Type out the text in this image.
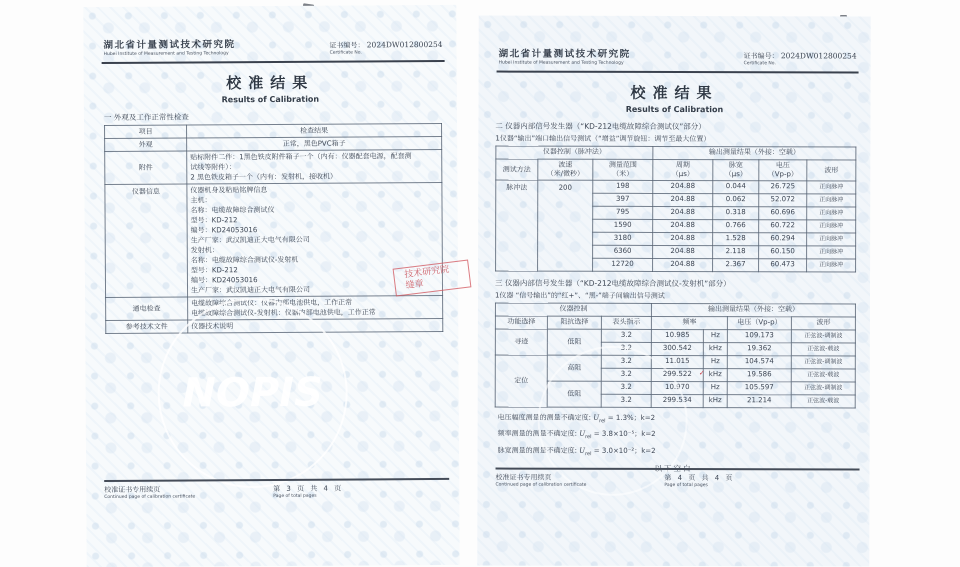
NOPIS
湖北省计量测试技术研究院
Hubei Institute of Measurement and Testing Technology
证书编号： 2024DW012800254
Certificate No.
校准结果
Results of Calibration
一 外观及工作正常性检查
项目	检查结果
外观	正常，黑色PVC箱子
附件	贴标附件二件：1黑色铁皮附件箱子一个（内有：仪器配套电源，配套测
试线等附件）：
2 黑色铁皮箱子一个（内有：发射机，接收机）

仪器信息	仪器机身及粘贴铭牌信息
主机：
名称：电缆故障综合测试仪
型号：KD-212
编号：KD24053016
生产厂家：武汉凯迪正大电气有限公司
发射机：
名称：电缆故障综合测试仪-发射机
型号：KD-212
编号：KD24053016
生产厂家：武汉凯迪正大电气有限公司

通电检查	电缆故障综合测试仪：仪器内部电池供电，工作正常
电缆故障综合测试仪-发射机：仪器内部电池供电，工作正常

参考技术文件	仪器技术说明
校准证书专用续页
Continued page of calibration certificate
第 3 页 共 4 页
Page of total pages
技术研究院
缝章
湖北省计量测试技术研究院
Hubei Institute of Measurement and Testing Technology
证书编号： 2024DW012800254
Certificate No.
校准结果
Results of Calibration
二 仪器内部信号发生器（“KD-212电缆故障综合测试仪”部分）
1仪器“输出”端口输出信号测试（“增益”调节旋钮：调节至最大位置）
仪器控制（脉冲法）			输出测量结果（外接：空载）			

测试方法

波速
（米/微秒）

测量范围
（米）

周期
（μs）

脉宽
（μs）

电压
（Vp-p）

波形

脉冲法	200	198	204.88	0.044	26.725	正向脉冲
		397	204.88	0.062	52.072	正向脉冲
		795	204.88	0.318	60.696	正向脉冲
		1590	204.88	0.766	60.722	正向脉冲
		3180	204.88	1.528	60.294	正向脉冲
		6360	204.88	2.118	60.150	正向脉冲
		12720	204.88	2.367	60.473	正向脉冲
三 仪器内部信号发生器（“KD-212电缆故障综合测试仪-发射机”部分）
1仪器 “信号输出”的“红+”、“黑-”端子间输出信号测试
仪器控制			输出测量结果（外接：空载）			
功能选择	阻抗选择	表头指示	频率		电压（Vp-p）	波形
寻迹	低阻	3.2	10.985	Hz	109.173	正弦波-调制波
		3.2	300.542	kHz	19.362	正弦波-载波
定位	高阻	3.2	11.015	Hz	104.574	正弦波-调制波
		3.2	299.522 ✓	kHz	19.586	正弦波-载波
	低阻	3.2	10.970	Hz	105.597	正弦波-调制波
		3.2	299.534	kHz	21.214	正弦波-载波
电压幅度测量的测量不确定度: $U_{rel} = 1.3\%$；k=2
频率测量的测量不确定度: $U_{rel} = 3.8\times 10^{-5}$；k=2
脉宽测量的测量不确定度: $U_{rel} = 3.0\times 10^{-2}$；k=2
以下空白
校准证书专用续页
Continued page of calibration certificate
第 4 页 共 4 页
Page of total pages
